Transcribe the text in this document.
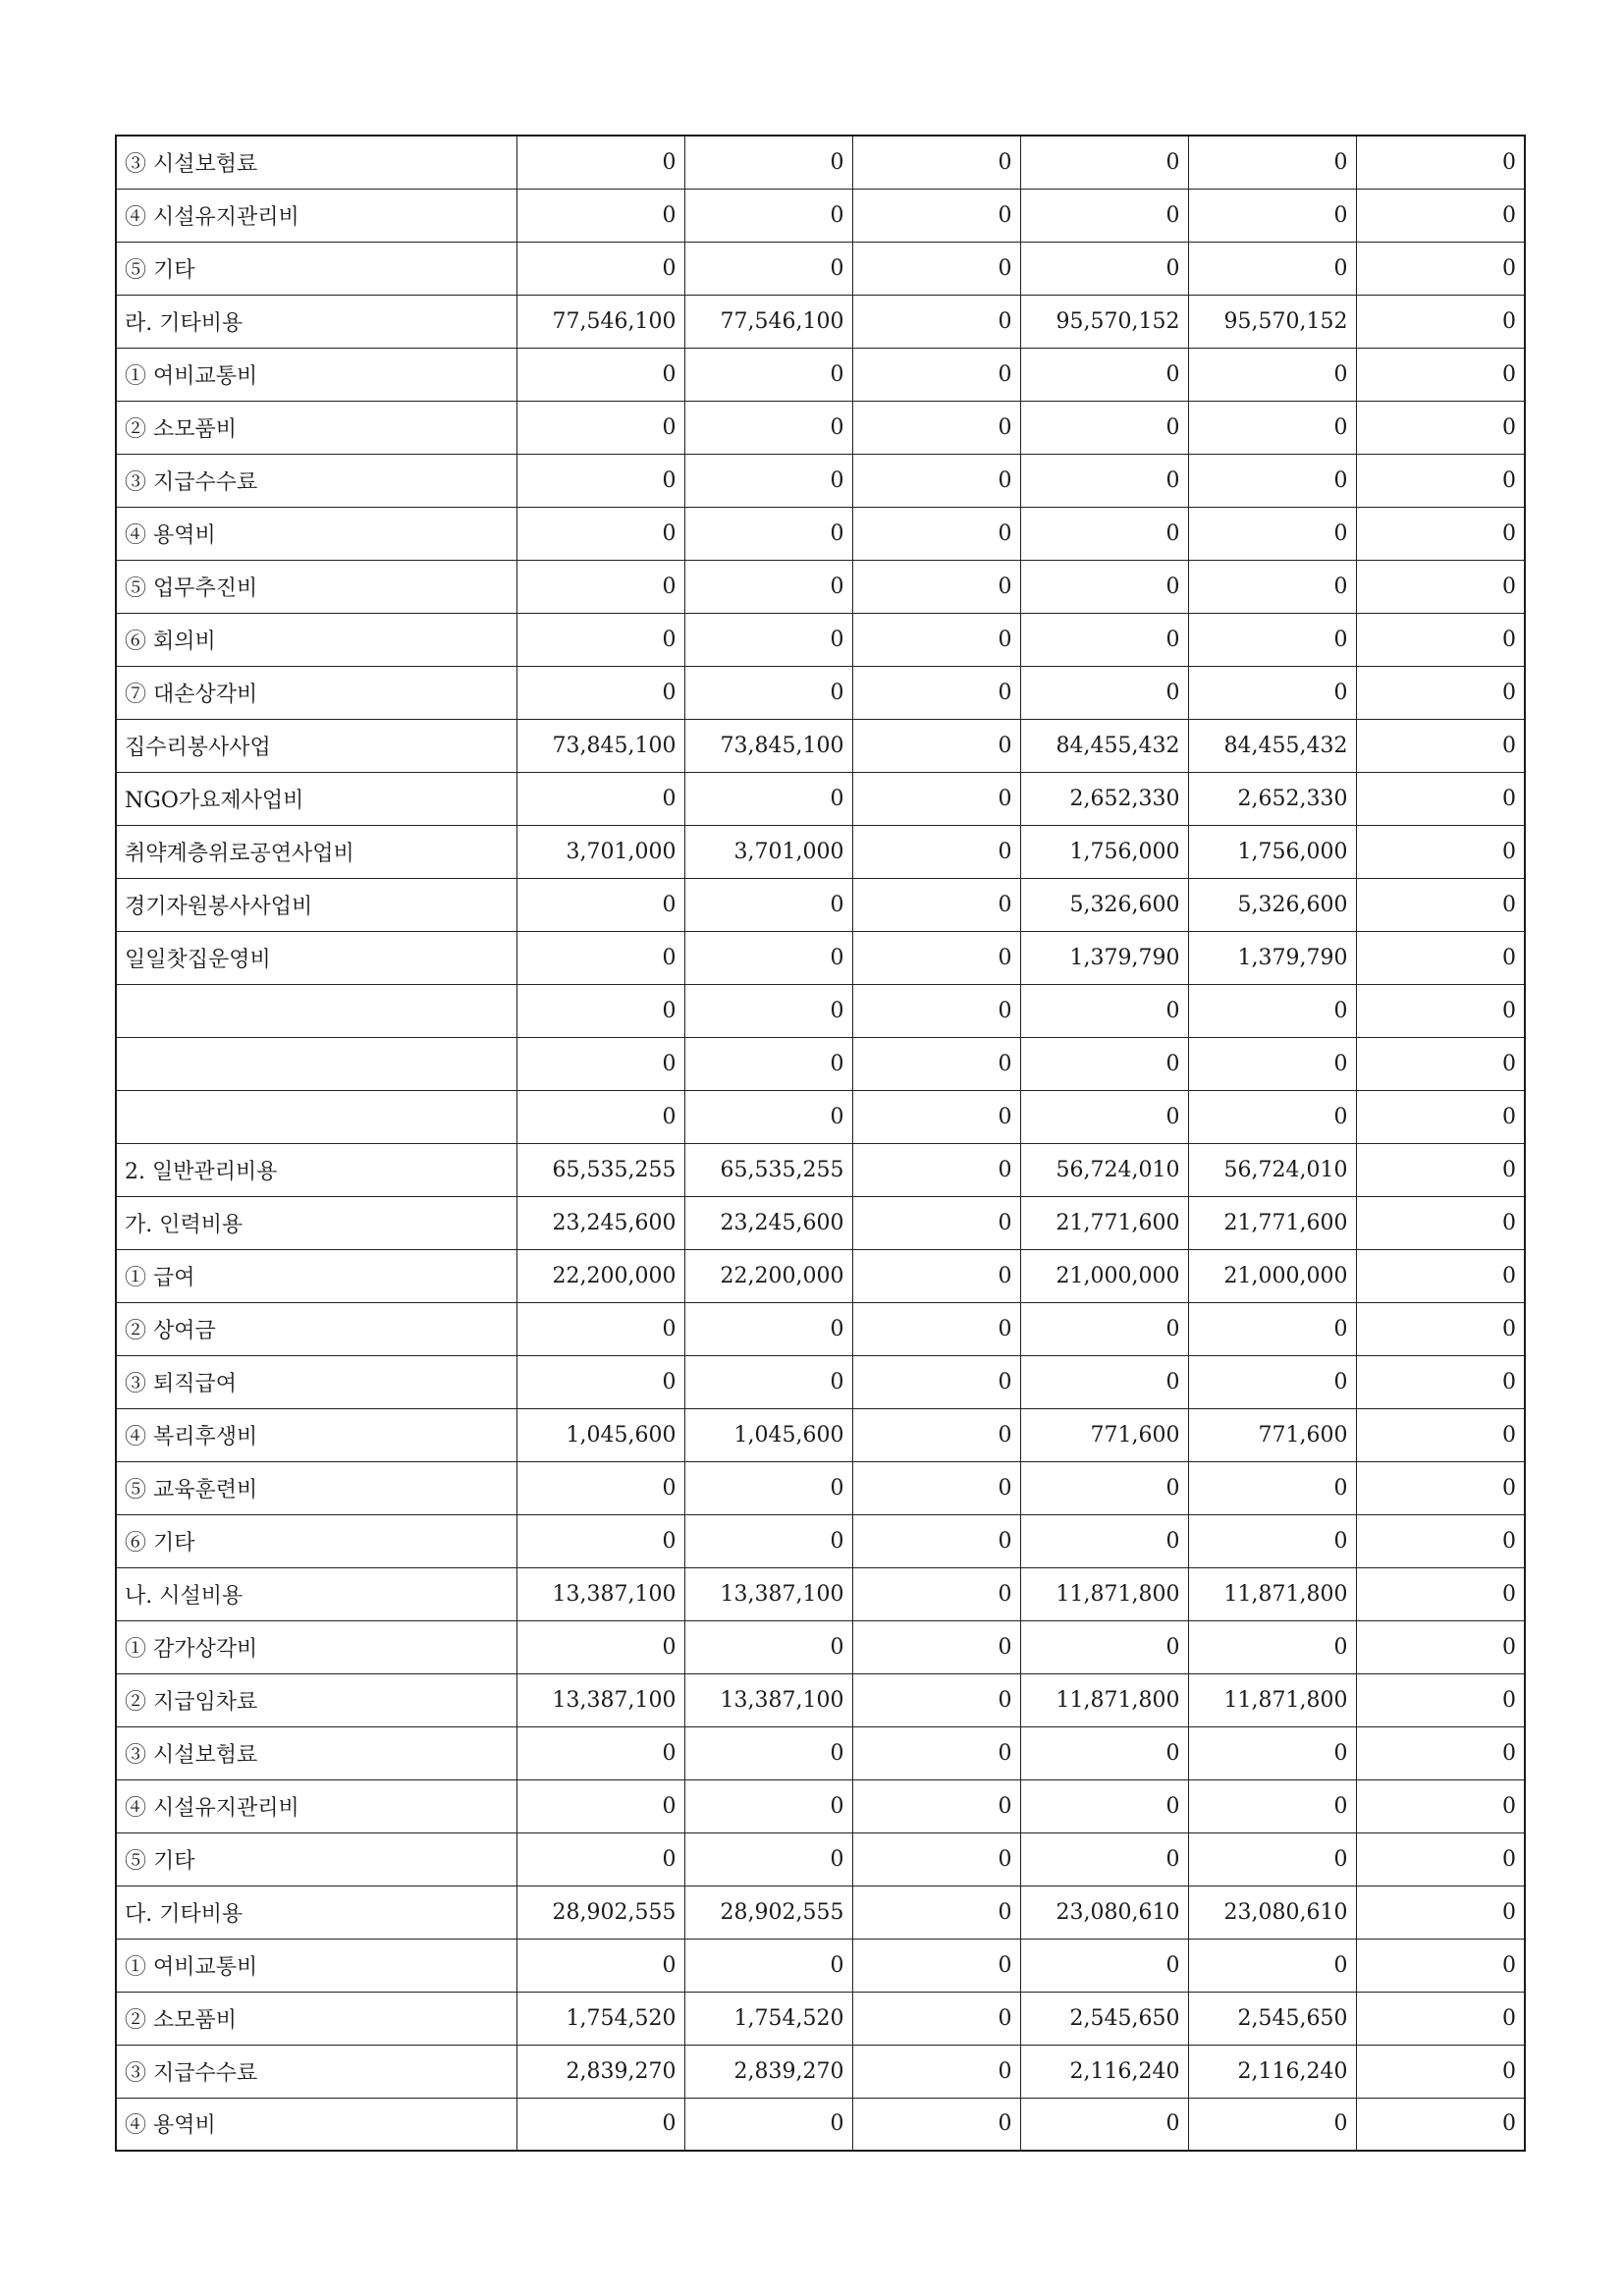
③ 시설보험료	0	0	0	0	0	0
④ 시설유지관리비	0	0	0	0	0	0
⑤ 기타	0	0	0	0	0	0
라. 기타비용	77,546,100	77,546,100	0	95,570,152	95,570,152	0
① 여비교통비	0	0	0	0	0	0
② 소모품비	0	0	0	0	0	0
③ 지급수수료	0	0	0	0	0	0
④ 용역비	0	0	0	0	0	0
⑤ 업무추진비	0	0	0	0	0	0
⑥ 회의비	0	0	0	0	0	0
⑦ 대손상각비	0	0	0	0	0	0
집수리봉사사업	73,845,100	73,845,100	0	84,455,432	84,455,432	0
NGO가요제사업비	0	0	0	2,652,330	2,652,330	0
취약계층위로공연사업비	3,701,000	3,701,000	0	1,756,000	1,756,000	0
경기자원봉사사업비	0	0	0	5,326,600	5,326,600	0
일일찻집운영비	0	0	0	1,379,790	1,379,790	0
	0	0	0	0	0	0
	0	0	0	0	0	0
	0	0	0	0	0	0
2. 일반관리비용	65,535,255	65,535,255	0	56,724,010	56,724,010	0
가. 인력비용	23,245,600	23,245,600	0	21,771,600	21,771,600	0
① 급여	22,200,000	22,200,000	0	21,000,000	21,000,000	0
② 상여금	0	0	0	0	0	0
③ 퇴직급여	0	0	0	0	0	0
④ 복리후생비	1,045,600	1,045,600	0	771,600	771,600	0
⑤ 교육훈련비	0	0	0	0	0	0
⑥ 기타	0	0	0	0	0	0
나. 시설비용	13,387,100	13,387,100	0	11,871,800	11,871,800	0
① 감가상각비	0	0	0	0	0	0
② 지급임차료	13,387,100	13,387,100	0	11,871,800	11,871,800	0
③ 시설보험료	0	0	0	0	0	0
④ 시설유지관리비	0	0	0	0	0	0
⑤ 기타	0	0	0	0	0	0
다. 기타비용	28,902,555	28,902,555	0	23,080,610	23,080,610	0
① 여비교통비	0	0	0	0	0	0
② 소모품비	1,754,520	1,754,520	0	2,545,650	2,545,650	0
③ 지급수수료	2,839,270	2,839,270	0	2,116,240	2,116,240	0
④ 용역비	0	0	0	0	0	0
